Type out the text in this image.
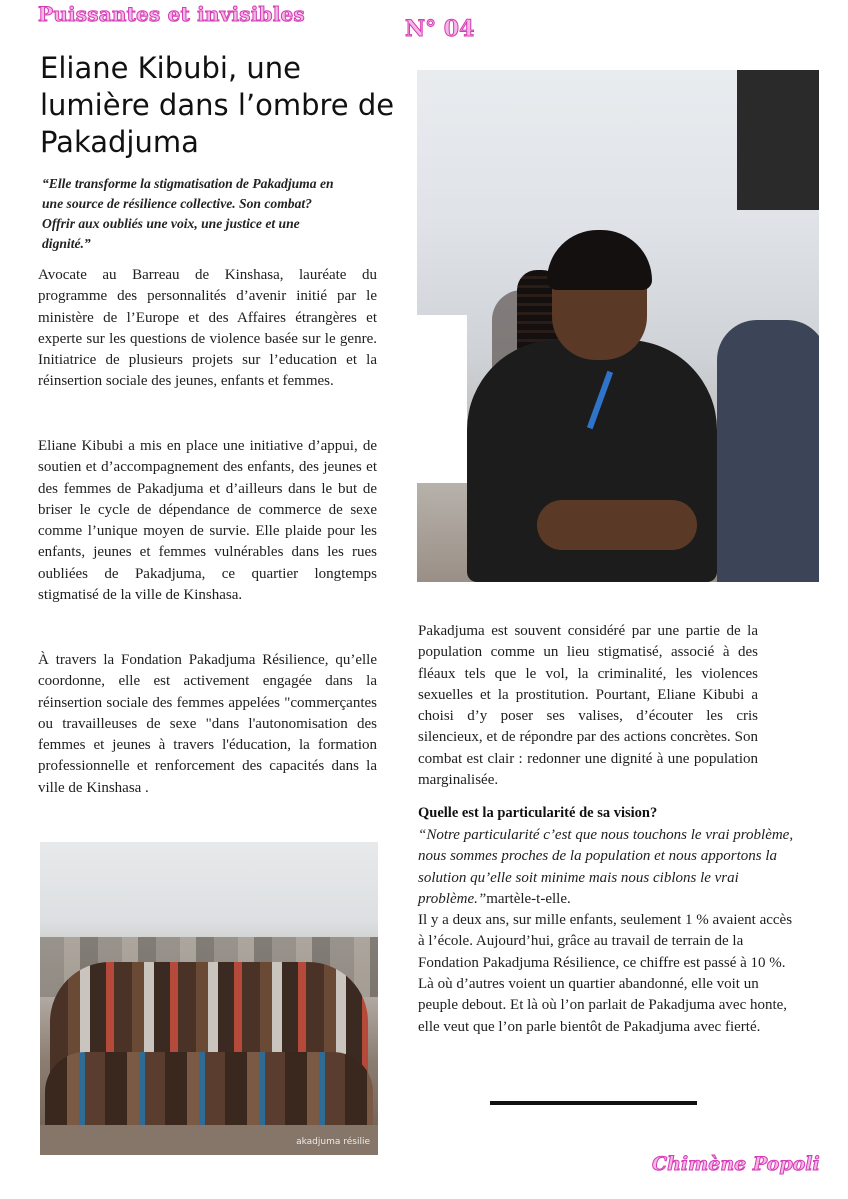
Puissantes et invisibles
N° 04
Eliane Kibubi, une lumière dans l’ombre de Pakadjuma

“Elle transforme la stigmatisation de Pakadjuma en une source de résilience collective. Son combat? Offrir aux oubliés une voix, une justice et une dignité.”

Avocate au Barreau de Kinshasa, lauréate du programme des personnalités d’avenir initié par le ministère de l’Europe et des Affaires étrangères et experte sur les questions de violence basée sur le genre. Initiatrice de plusieurs projets sur l’education et la réinsertion sociale des jeunes, enfants et femmes.

Eliane Kibubi a mis en place une initiative d’appui, de soutien et d’accompagnement des enfants, des jeunes et des femmes de Pakadjuma et d’ailleurs dans le but de briser le cycle de dépendance de commerce de sexe comme l’unique moyen de survie. Elle plaide pour les enfants, jeunes et femmes vulnérables dans les rues oubliées de Pakadjuma, ce quartier longtemps stigmatisé de la ville de Kinshasa.

À travers la Fondation Pakadjuma Résilience, qu’elle coordonne, elle est activement engagée dans la réinsertion sociale des femmes appelées "commerçantes ou travailleuses de sexe "dans l'autonomisation des femmes et jeunes à travers l'éducation, la formation professionnelle et renforcement des capacités dans la ville de Kinshasa .

Pakadjuma est souvent considéré par une partie de la population comme un lieu stigmatisé, associé à des fléaux tels que le vol, la criminalité, les violences sexuelles et la prostitution. Pourtant, Eliane Kibubi a choisi d’y poser ses valises, d’écouter les cris silencieux, et de répondre par des actions concrètes. Son combat est clair : redonner une dignité à une population marginalisée.

Quelle est la particularité de sa vision?
“Notre particularité c’est que nous touchons le vrai problème, nous sommes proches de la population et nous apportons la solution qu’elle soit minime mais nous ciblons le vrai problème.”martèle-t-elle.

Il y a deux ans, sur mille enfants, seulement 1 % avaient accès à l’école. Aujourd’hui, grâce au travail de terrain de la Fondation Pakadjuma Résilience, ce chiffre est passé à 10 %.

Là où d’autres voient un quartier abandonné, elle voit un peuple debout. Et là où l’on parlait de Pakadjuma avec honte, elle veut que l’on parle bientôt de Pakadjuma avec fierté.

akadjuma résilie
Chimène Popoli
